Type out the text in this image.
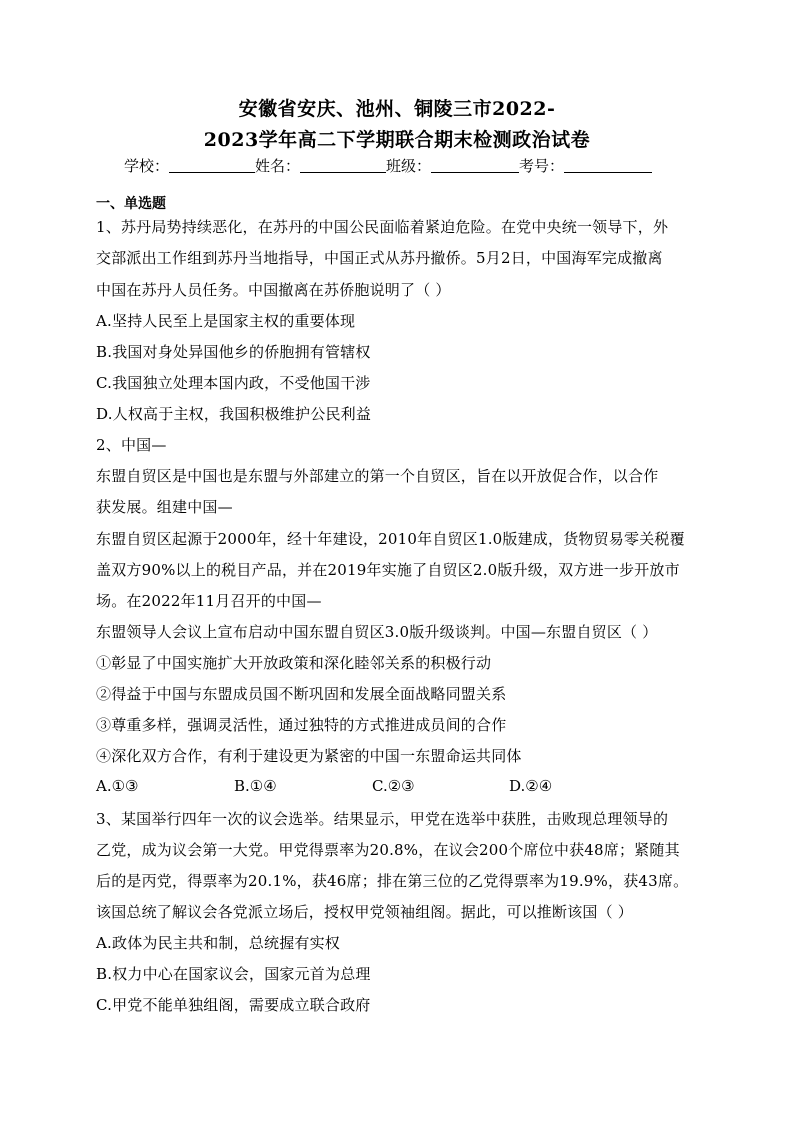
安徽省安庆、池州、铜陵三市2022-
2023学年高二下学期联合期末检测政治试卷
学校：	姓名：	班级：	考号：
一、单选题
1、苏丹局势持续恶化，在苏丹的中国公民面临着紧迫危险。在党中央统一领导下，外
交部派出工作组到苏丹当地指导，中国正式从苏丹撤侨。5月2日，中国海军完成撤离
中国在苏丹人员任务。中国撤离在苏侨胞说明了（ ）
A.坚持人民至上是国家主权的重要体现
B.我国对身处异国他乡的侨胞拥有管辖权
C.我国独立处理本国内政，不受他国干涉
D.人权高于主权，我国积极维护公民利益
2、中国—
东盟自贸区是中国也是东盟与外部建立的第一个自贸区，旨在以开放促合作，以合作
获发展。组建中国—
东盟自贸区起源于2000年，经十年建设，2010年自贸区1.0版建成，货物贸易零关税覆
盖双方90%以上的税目产品，并在2019年实施了自贸区2.0版升级，双方进一步开放市
场。在2022年11月召开的中国—
东盟领导人会议上宣布启动中国东盟自贸区3.0版升级谈判。中国—东盟自贸区（ ）
①彰显了中国实施扩大开放政策和深化睦邻关系的积极行动
②得益于中国与东盟成员国不断巩固和发展全面战略同盟关系
③尊重多样，强调灵活性，通过独特的方式推进成员间的合作
④深化双方合作，有利于建设更为紧密的中国一东盟命运共同体
A.①③	B.①④	C.②③	D.②④
3、某国举行四年一次的议会选举。结果显示，甲党在选举中获胜，击败现总理领导的
乙党，成为议会第一大党。甲党得票率为20.8%，在议会200个席位中获48席；紧随其
后的是丙党，得票率为20.1%，获46席；排在第三位的乙党得票率为19.9%，获43席。
该国总统了解议会各党派立场后，授权甲党领袖组阁。据此，可以推断该国（ ）
A.政体为民主共和制，总统握有实权
B.权力中心在国家议会，国家元首为总理
C.甲党不能单独组阁，需要成立联合政府
